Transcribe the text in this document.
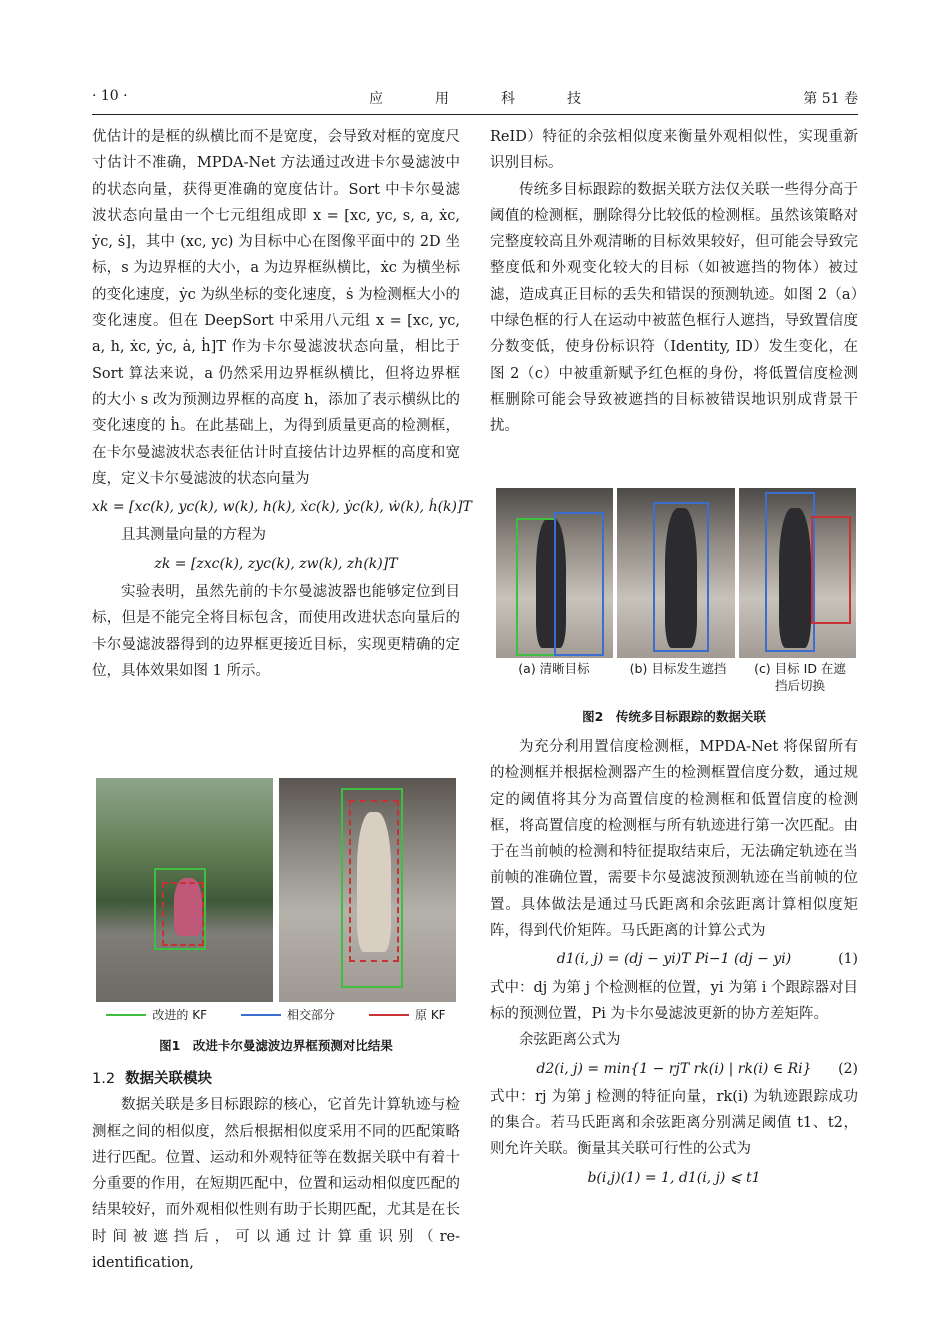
· 10 ·	应用科技	第 51 卷

优估计的是框的纵横比而不是宽度，会导致对框的宽度尺寸估计不准确，MPDA-Net 方法通过改进卡尔曼滤波中的状态向量，获得更准确的宽度估计。Sort 中卡尔曼滤波状态向量由一个七元组组成即 x = [xc, yc, s, a, ẋc, ẏc, ṡ]，其中 (xc, yc) 为目标中心在图像平面中的 2D 坐标，s 为边界框的大小，a 为边界框纵横比，ẋc 为横坐标的变化速度，ẏc 为纵坐标的变化速度，ṡ 为检测框大小的变化速度。但在 DeepSort 中采用八元组 x = [xc, yc, a, h, ẋc, ẏc, ȧ, ḣ]T 作为卡尔曼滤波状态向量，相比于 Sort 算法来说，a 仍然采用边界框纵横比，但将边界框的大小 s 改为预测边界框的高度 h，添加了表示横纵比的变化速度的 ḣ。在此基础上，为得到质量更高的检测框，在卡尔曼滤波状态表征估计时直接估计边界框的高度和宽度，定义卡尔曼滤波的状态向量为

xk = [xc(k), yc(k), w(k), h(k), ẋc(k), ẏc(k), ẇ(k), ḣ(k)]T

且其测量向量的方程为

zk = [zxc(k), zyc(k), zw(k), zh(k)]T

实验表明，虽然先前的卡尔曼滤波器也能够定位到目标，但是不能完全将目标包含，而使用改进状态向量后的卡尔曼滤波器得到的边界框更接近目标，实现更精确的定位，具体效果如图 1 所示。

改进的 KF	相交部分	原 KF
图1　改进卡尔曼滤波边界框预测对比结果
1.2 数据关联模块

数据关联是多目标跟踪的核心，它首先计算轨迹与检测框之间的相似度，然后根据相似度采用不同的匹配策略进行匹配。位置、运动和外观特征等在数据关联中有着十分重要的作用，在短期匹配中，位置和运动相似度匹配的结果较好，而外观相似性则有助于长期匹配，尤其是在长时间被遮挡后，可以通过计算重识别（re-identification,

ReID）特征的余弦相似度来衡量外观相似性，实现重新识别目标。

传统多目标跟踪的数据关联方法仅关联一些得分高于阈值的检测框，删除得分比较低的检测框。虽然该策略对完整度较高且外观清晰的目标效果较好，但可能会导致完整度低和外观变化较大的目标（如被遮挡的物体）被过滤，造成真正目标的丢失和错误的预测轨迹。如图 2（a）中绿色框的行人在运动中被蓝色框行人遮挡，导致置信度分数变低，使身份标识符（Identity, ID）发生变化，在图 2（c）中被重新赋予红色框的身份，将低置信度检测框删除可能会导致被遮挡的目标被错误地识别成背景干扰。

(a) 清晰目标	(b) 目标发生遮挡	(c) 目标 ID 在遮挡后切换
图2　传统多目标跟踪的数据关联

为充分利用置信度检测框，MPDA-Net 将保留所有的检测框并根据检测器产生的检测框置信度分数，通过规定的阈值将其分为高置信度的检测框和低置信度的检测框，将高置信度的检测框与所有轨迹进行第一次匹配。由于在当前帧的检测和特征提取结束后，无法确定轨迹在当前帧的准确位置，需要卡尔曼滤波预测轨迹在当前帧的位置。具体做法是通过马氏距离和余弦距离计算相似度矩阵，得到代价矩阵。马氏距离的计算公式为

d1(i, j) = (dj − yi)T Pi−1 (dj − yi)	(1)

式中：dj 为第 j 个检测框的位置，yi 为第 i 个跟踪器对目标的预测位置，Pi 为卡尔曼滤波更新的协方差矩阵。

余弦距离公式为

d2(i, j) = min{1 − rjT rk(i) | rk(i) ∈ Ri} (2)

式中：rj 为第 j 检测的特征向量，rk(i) 为轨迹跟踪成功的集合。若马氏距离和余弦距离分别满足阈值 t1、t2，则允许关联。衡量其关联可行性的公式为

b(i,j)(1) = 1, d1(i, j) ⩽ t1
